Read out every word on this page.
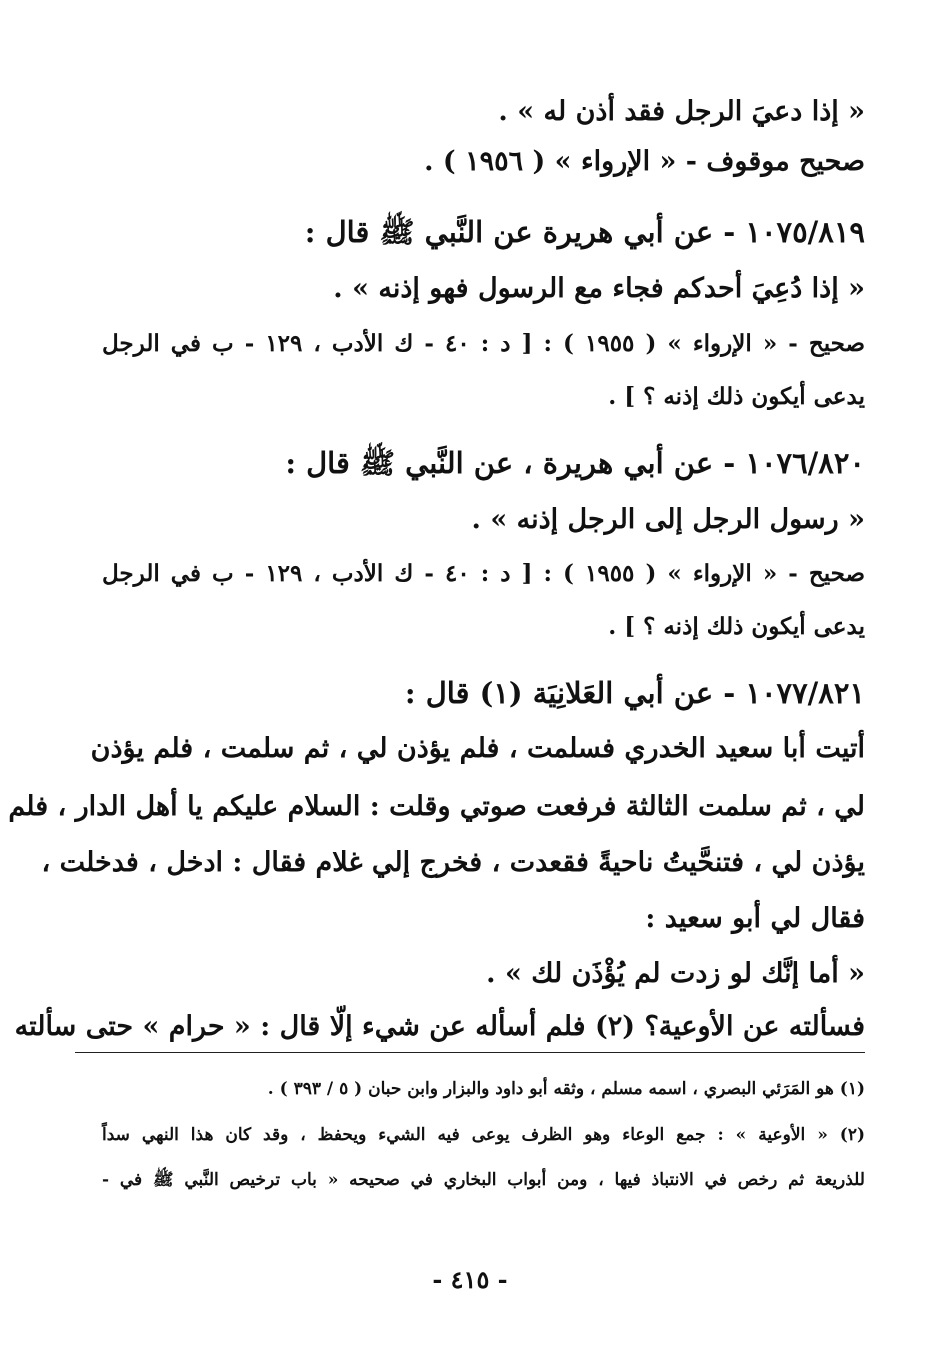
« إذا دعيَ الرجل فقد أذن له » .
صحيح موقوف - « الإرواء » ( ١٩٥٦ ) .
١٠٧٥/٨١٩ - عن أبي هريرة عن النَّبي ﷺ قال :
« إذا دُعِيَ أحدكم فجاء مع الرسول فهو إذنه » .
صحيح - « الإرواء » ( ١٩٥٥ ) : [ د : ٤٠ - ك الأدب ، ١٢٩ - ب في الرجل
يدعى أيكون ذلك إذنه ؟ ] .
١٠٧٦/٨٢٠ - عن أبي هريرة ، عن النَّبي ﷺ قال :
« رسول الرجل إلى الرجل إذنه » .
صحيح - « الإرواء » ( ١٩٥٥ ) : [ د : ٤٠ - ك الأدب ، ١٢٩ - ب في الرجل
يدعى أيكون ذلك إذنه ؟ ] .
١٠٧٧/٨٢١ - عن أبي العَلانِيَة (١) قال :
أتيت أبا سعيد الخدري فسلمت ، فلم يؤذن لي ، ثم سلمت ، فلم يؤذن
لي ، ثم سلمت الثالثة فرفعت صوتي وقلت : السلام عليكم يا أهل الدار ، فلم
يؤذن لي ، فتنحَّيتُ ناحيةً فقعدت ، فخرج إلي غلام فقال : ادخل ، فدخلت ،
فقال لي أبو سعيد :
« أما إنَّك لو زدت لم يُؤْذَن لك » .
فسألته عن الأوعية؟ (٢) فلم أسأله عن شيء إلّا قال : « حرام » حتى سألته
(١) هو المَرَئي البصري ، اسمه مسلم ، وثقه أبو داود والبزار وابن حبان ( ٥ / ٣٩٣ ) .
(٢) « الأوعية » : جمع الوعاء وهو الظرف يوعى فيه الشيء ويحفظ ، وقد كان هذا النهي سداً
للذريعة ثم رخص في الانتباذ فيها ، ومن أبواب البخاري في صحيحه « باب ترخيص النَّبي ﷺ في -
- ٤١٥ -
